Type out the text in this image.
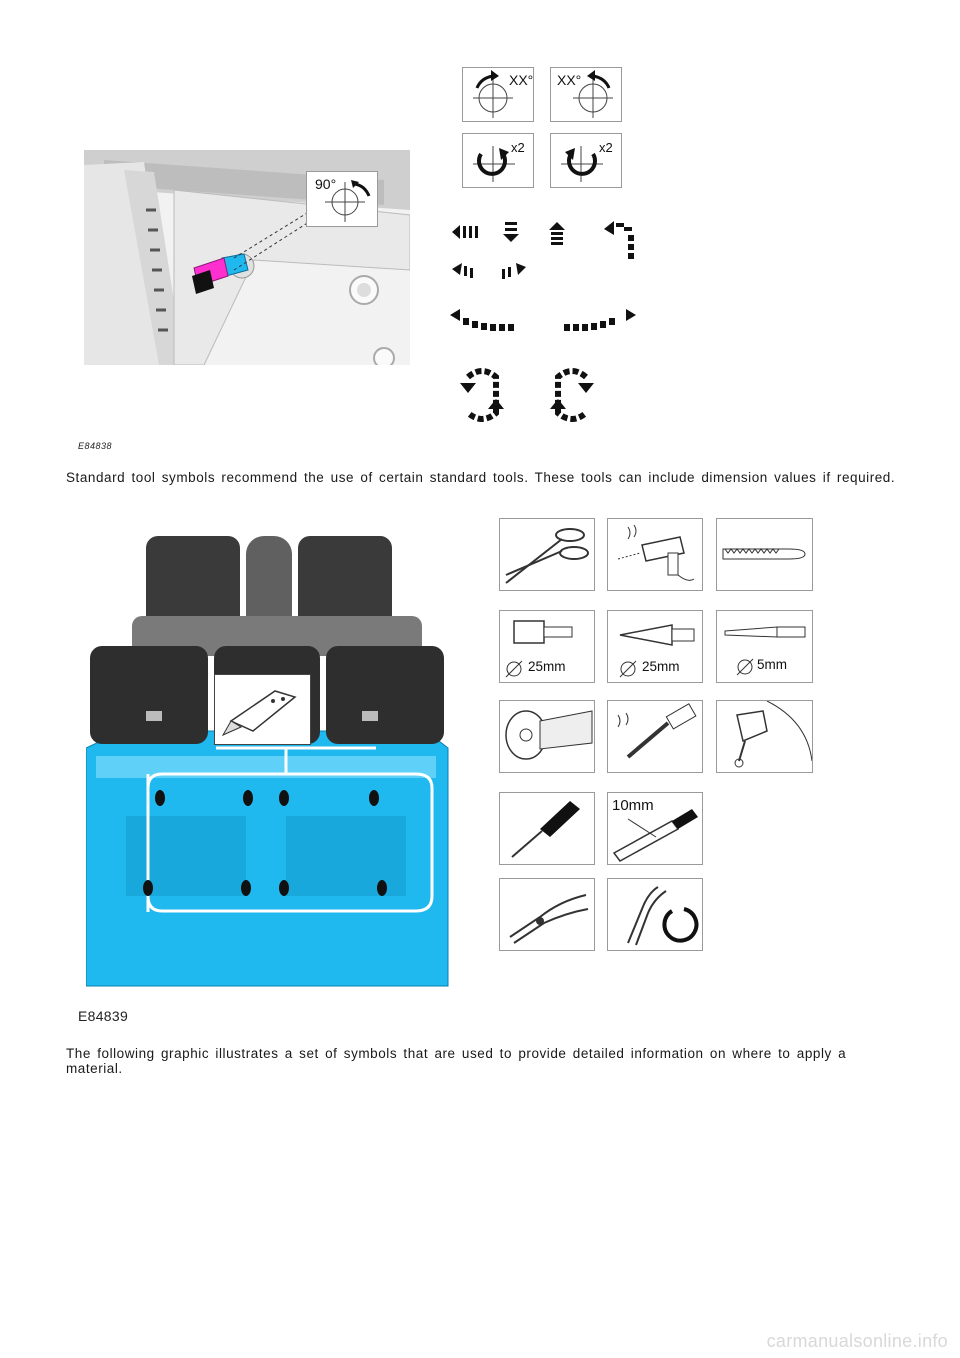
90°
XX° XX°
x2	x2
E84838

Standard tool symbols recommend the use of certain standard tools. These tools can include dimension values if required.

25mm	25mm	5mm
10mm
E84839

The following graphic illustrates a set of symbols that are used to provide detailed information on where to apply a

material.

carmanualsonline.info
